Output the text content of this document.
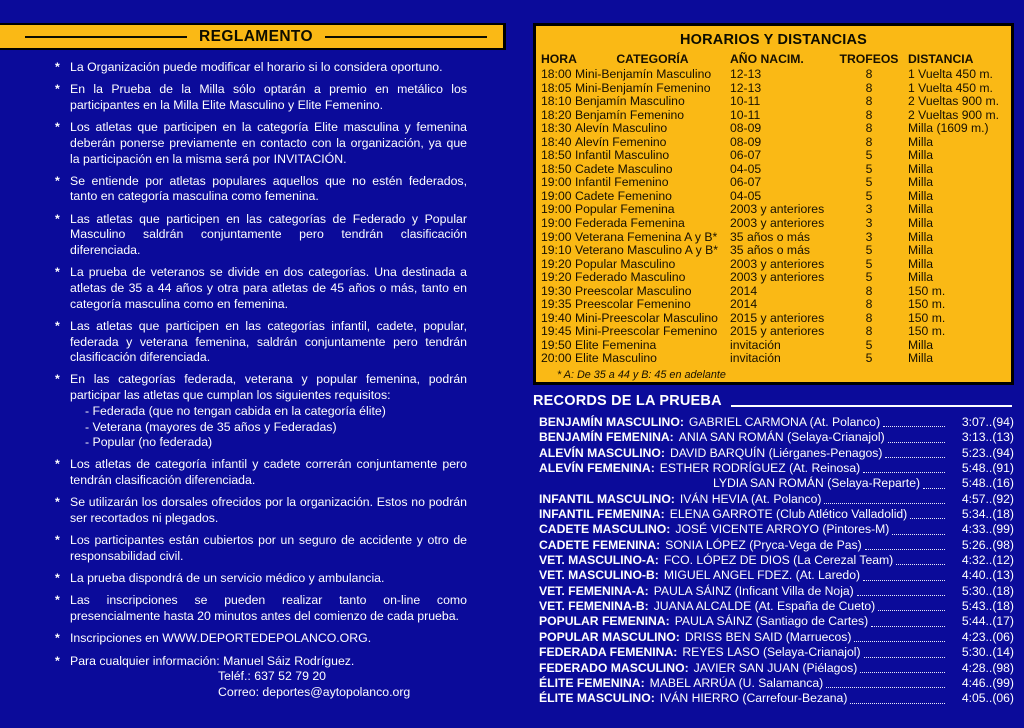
REGLAMENTO
* La Organización puede modificar el horario si lo considera oportuno.
* En la Prueba de la Milla sólo optarán a premio en metálico los participantes en la Milla Elite Masculino y Elite Femenino.
* Los atletas que participen en la categoría Elite masculina y femenina deberán ponerse previamente en contacto con la organización, ya que la participación en la misma será por INVITACIÓN.
* Se entiende por atletas populares aquellos que no estén federados, tanto en categoría masculina como femenina.
* Las atletas que participen en las categorías de Federado y Popular Masculino saldrán conjuntamente pero tendrán clasificación diferenciada.
* La prueba de veteranos se divide en dos categorías. Una destinada a atletas de 35 a 44 años y otra para atletas de 45 años o más, tanto en categoría masculina como en femenina.
* Las atletas que participen en las categorías infantil, cadete, popular, federada y veterana femenina, saldrán conjuntamente pero tendrán clasificación diferenciada.
* En las categorías federada, veterana y popular femenina, podrán participar las atletas que cumplan los siguientes requisitos:
- Federada (que no tengan cabida en la categoría élite)
- Veterana (mayores de 35 años y Federadas)
- Popular (no federada)
* Los atletas de categoría infantil y cadete correrán conjuntamente pero tendrán clasificación diferenciada.
* Se utilizarán los dorsales ofrecidos por la organización. Estos no podrán ser recortados ni plegados.
* Los participantes están cubiertos por un seguro de accidente y otro de responsabilidad civil.
* La prueba dispondrá de un servicio médico y ambulancia.
* Las inscripciones se pueden realizar tanto on-line como presencialmente hasta 20 minutos antes del comienzo de cada prueba.
* Inscripciones en WWW.DEPORTEDEPOLANCO.ORG.
* Para cualquier información: Manuel Sáiz Rodríguez.
Teléf.: 637 52 79 20
Correo: deportes@aytopolanco.org
HORARIOS Y DISTANCIAS
HORA	CATEGORÍA	AÑO NACIM.	TROFEOS DISTANCIA
18:00 Mini-Benjamín Masculino	12-13	8	1 Vuelta 450 m.
18:05 Mini-Benjamín Femenino	12-13	8	1 Vuelta 450 m.
18:10 Benjamín Masculino	10-11	8	2 Vueltas 900 m.
18:20 Benjamín Femenino	10-11	8	2 Vueltas 900 m.
18:30 Alevín Masculino	08-09	8	Milla (1609 m.)
18:40 Alevín Femenino	08-09	8	Milla
18:50 Infantil Masculino	06-07	5	Milla
18:50 Cadete Masculino	04-05	5	Milla
19:00 Infantil Femenino	06-07	5	Milla
19:00 Cadete Femenino	04-05	5	Milla
19:00 Popular Femenina	2003 y anteriores	3	Milla
19:00 Federada Femenina	2003 y anteriores	3	Milla
19:00 Veterana Femenina A y B*	35 años o más	3	Milla
19:10 Veterano Masculino A y B* 35 años o más	5	Milla
19:20 Popular Masculino	2003 y anteriores	5	Milla
19:20 Federado Masculino	2003 y anteriores	5	Milla
19:30 Preescolar Masculino	2014	8	150 m.
19:35 Preescolar Femenino	2014	8	150 m.
19:40 Mini-Preescolar Masculino 2015 y anteriores	8	150 m.
19:45 Mini-Preescolar Femenino	2015 y anteriores	8	150 m.
19:50 Elite Femenina	invitación	5	Milla
20:00 Elite Masculino	invitación	5	Milla
* A: De 35 a 44 y B: 45 en adelante
RECORDS DE LA PRUEBA
BENJAMÍN MASCULINO: GABRIEL CARMONA (At. Polanco)	3:07..(94)
BENJAMÍN FEMENINA: ANIA SAN ROMÁN (Selaya-Crianajol)	3:13..(13)
ALEVÍN MASCULINO: DAVID BARQUÍN (Liérganes-Penagos)	5:23..(94)
ALEVÍN FEMENINA: ESTHER RODRÍGUEZ (At. Reinosa)	5:48..(91)
LYDIA SAN ROMÁN (Selaya-Reparte)	5:48..(16)
INFANTIL MASCULINO: IVÁN HEVIA (At. Polanco)	4:57..(92)
INFANTIL FEMENINA: ELENA GARROTE (Club Atlético Valladolid)	5:34..(18)
CADETE MASCULINO: JOSÉ VICENTE ARROYO (Pintores-M)	4:33..(99)
CADETE FEMENINA: SONIA LÓPEZ (Pryca-Vega de Pas)	5:26..(98)
VET. MASCULINO-A: FCO. LÓPEZ DE DIOS (La Cerezal Team)	4:32..(12)
VET. MASCULINO-B: MIGUEL ANGEL FDEZ. (At. Laredo)	4:40..(13)
VET. FEMENINA-A: PAULA SÁINZ (Inficant Villa de Noja)	5:30..(18)
VET. FEMENINA-B: JUANA ALCALDE (At. España de Cueto)	5:43..(18)
POPULAR FEMENINA: PAULA SÁINZ (Santiago de Cartes)	5:44..(17)
POPULAR MASCULINO: DRISS BEN SAID (Marruecos)	4:23..(06)
FEDERADA FEMENINA: REYES LASO (Selaya-Crianajol)	5:30..(14)
FEDERADO MASCULINO: JAVIER SAN JUAN (Piélagos)	4:28..(98)
ÉLITE FEMENINA: MABEL ARRÚA (U. Salamanca)	4:46..(99)
ÉLITE MASCULINO: IVÁN HIERRO (Carrefour-Bezana)	4:05..(06)
